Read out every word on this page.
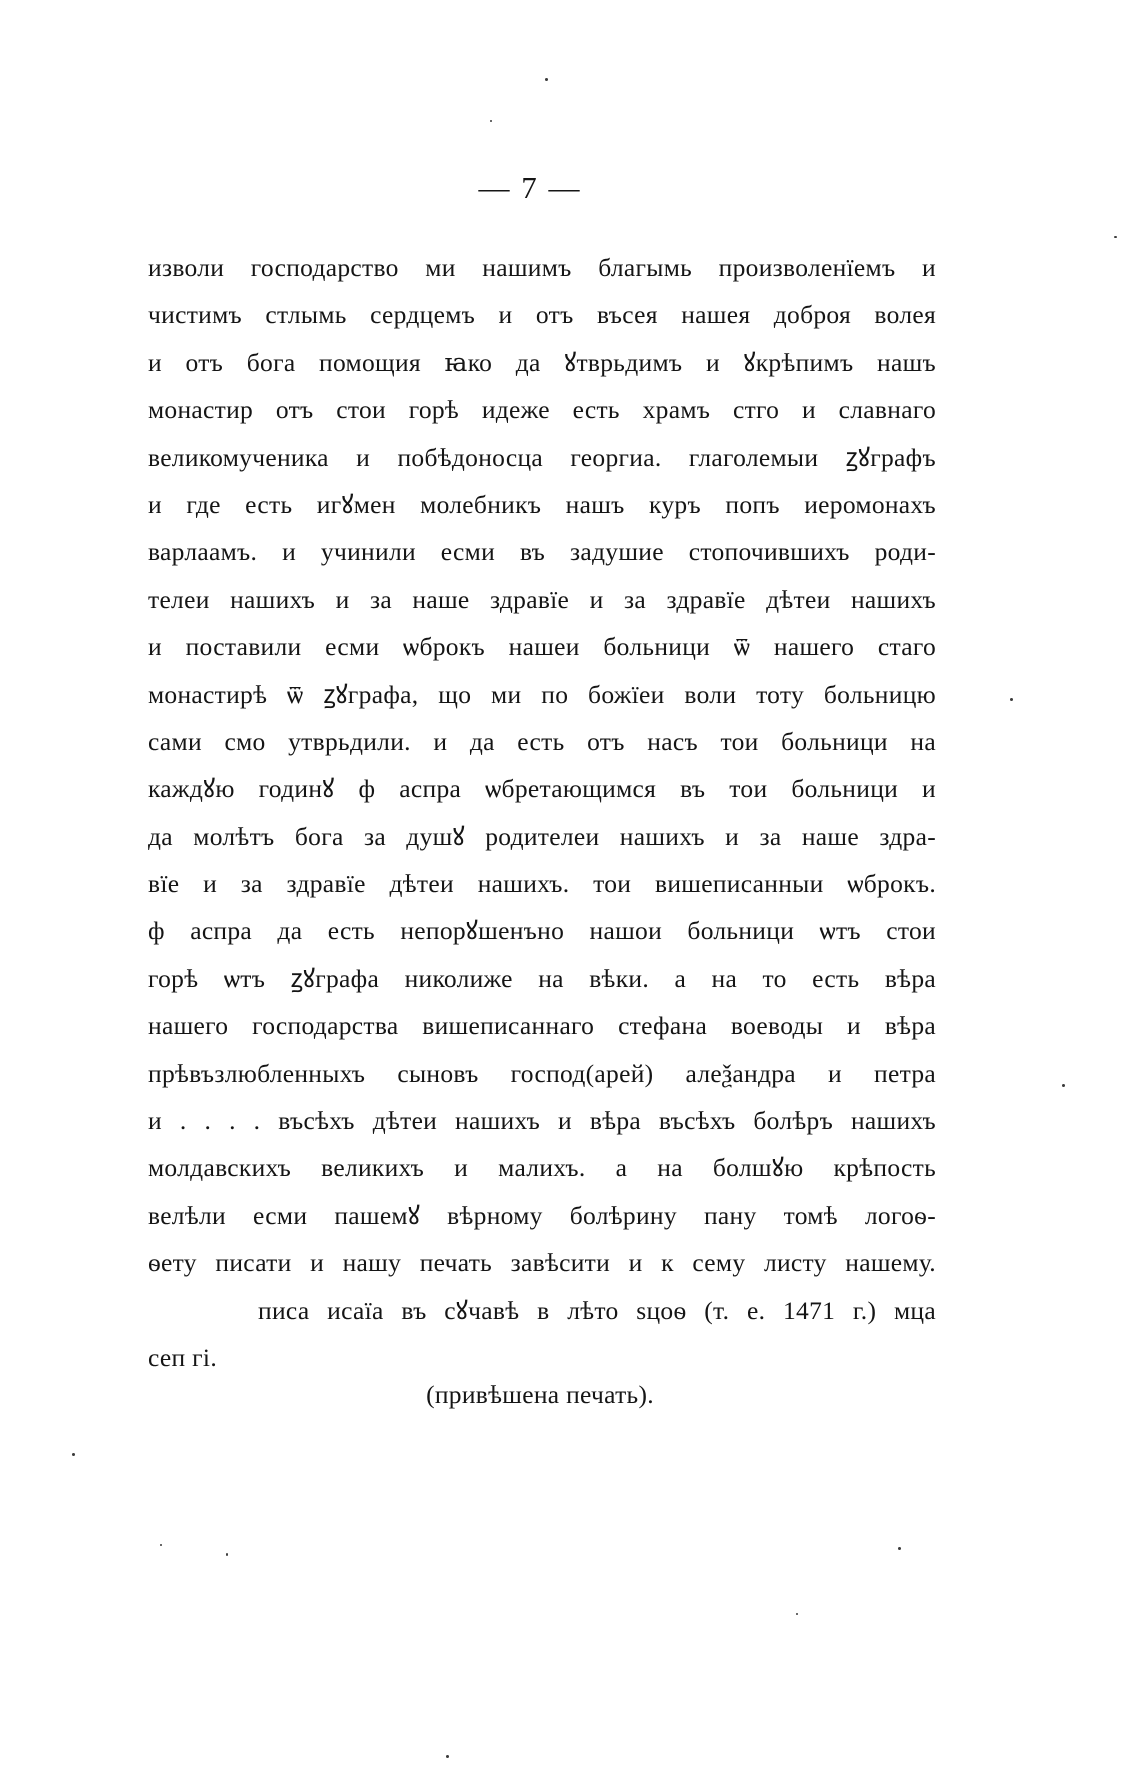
— 7 —
изволи господарство ми нашимъ благымь произволенїемъ и
чистимъ стлымь сердцемъ и отъ въсея нашея доброя волея
и отъ бога помощия ꙗко да ꙋтврьдимъ и ꙋкрѣпимъ нашъ
монастир отъ стои горѣ идеже есть храмъ стго и славнаго
великомученика и побѣдоносца георгиа. глаголемыи ꙁꙋграфъ
и где есть игꙋмен молебникъ нашъ куръ попъ иеромонахъ
варлаамъ. и учинили есми въ задушие стопочившихъ роди-
телеи нашихъ и за наше здравїе и за здравїе дѣтеи нашихъ
и поставили есми ѡброкъ нашеи больници ѿ нашего стаго
монастирѣ ѿ ꙁꙋграфа, що ми по божїеи воли тоту больницю
сами смо утврьдили. и да есть отъ насъ тои больници на
каждꙋю годинꙋ ф аспра ѡбретающимся въ тои больници и
да молѣтъ бога за душꙋ родителеи нашихъ и за наше здра-
вїе и за здравїе дѣтеи нашихъ. тои вишеписанныи ѡброкъ.
ф аспра да есть непорꙋшенъно нашои больници ѡтъ стои
горѣ ѡтъ ꙁꙋграфа николиже на вѣки. а на то есть вѣра
нашего господарства вишеписаннаго стефана воеводы и вѣра
прѣвъзлюбленныхъ сыновъ господ(арей) алеѯандра и петра
и . . . . въсѣхъ дѣтеи нашихъ и вѣра въсѣхъ болѣръ нашихъ
молдавскихъ великихъ и малихъ. а на болшꙋю крѣпость
велѣли есми пашемꙋ вѣрному болѣрину пану томѣ логоѳ-
ѳету писати и нашу печать завѣсити и к сему листу нашему.
писа исаїа въ сꙋчавѣ в лѣто ѕцоѳ (т. е. 1471 г.) мца
сеп гі.
(привѣшена печать).
